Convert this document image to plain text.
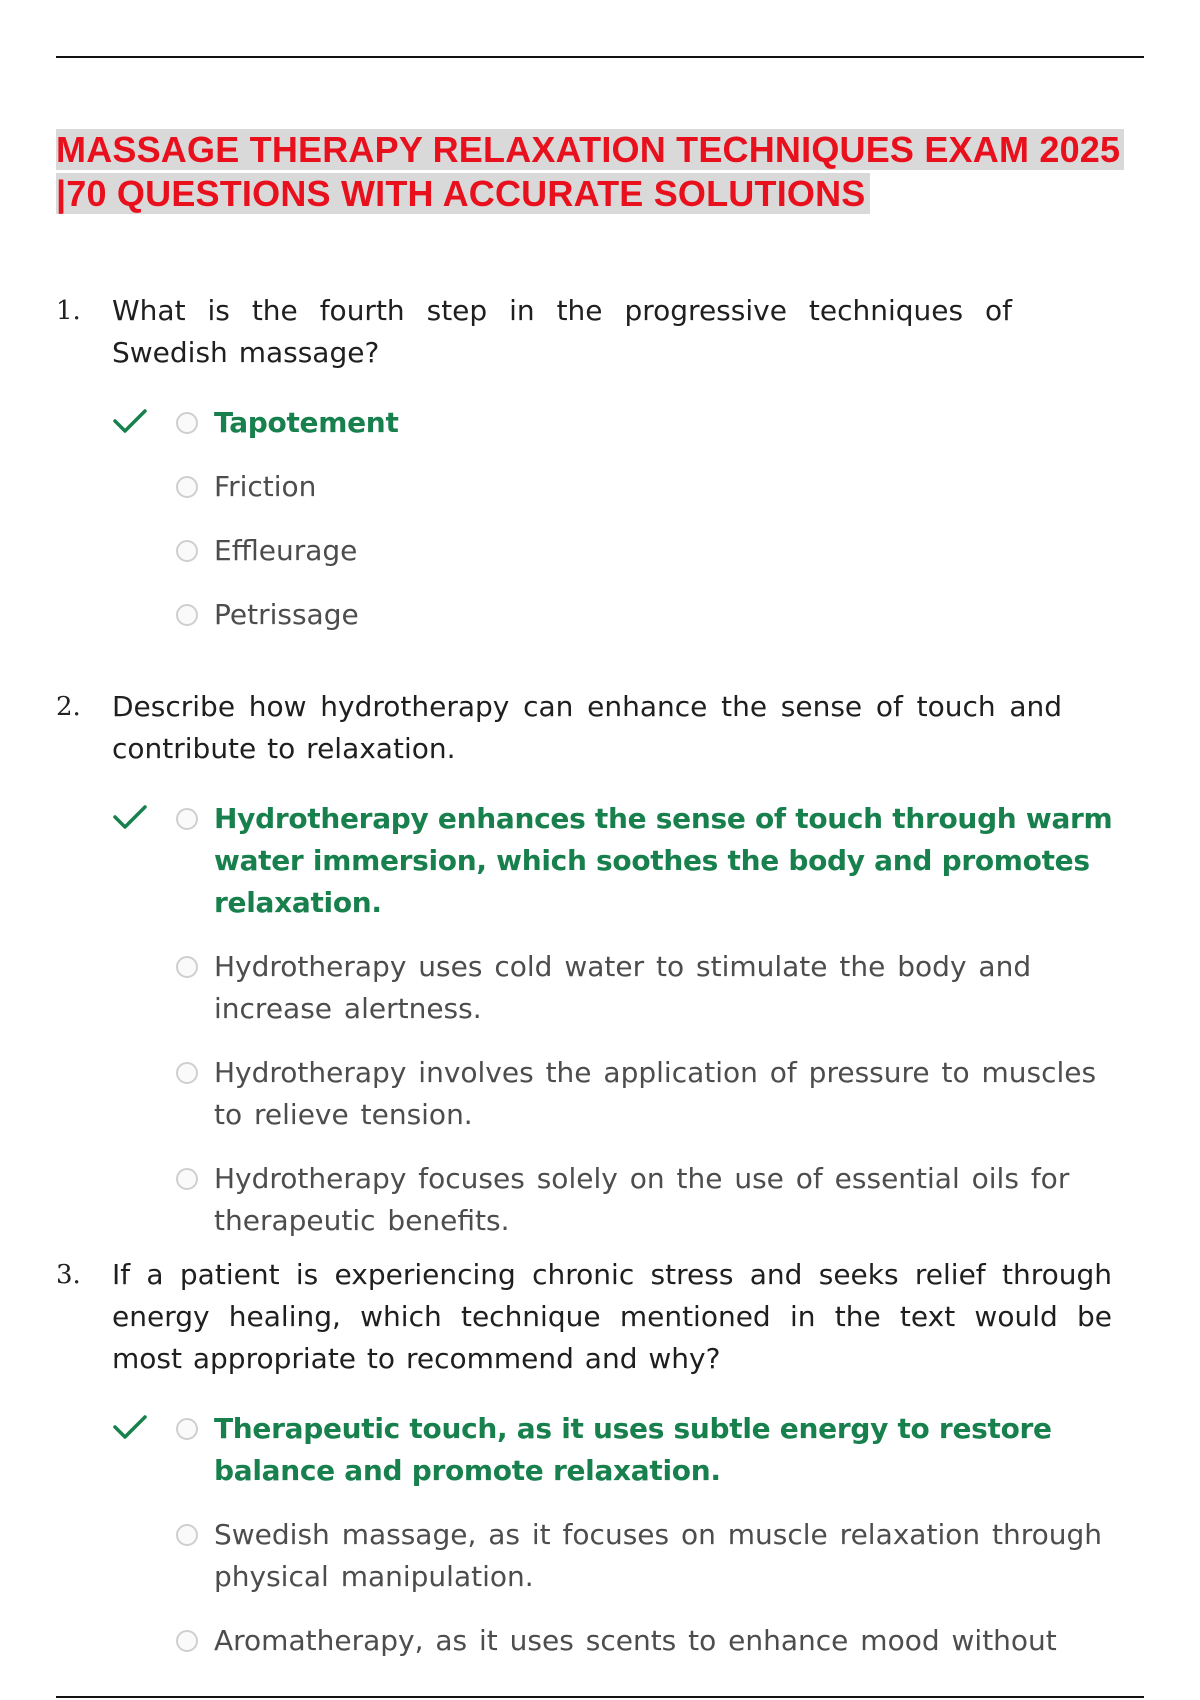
MASSAGE THERAPY RELAXATION TECHNIQUES EXAM 2025
|70 QUESTIONS WITH ACCURATE SOLUTIONS
1. What is the fourth step in the progressive techniques of Swedish massage?
Tapotement
Friction
Effleurage
Petrissage
2. Describe how hydrotherapy can enhance the sense of touch and contribute to relaxation.
Hydrotherapy enhances the sense of touch through warm water immersion, which soothes the body and promotes relaxation.
Hydrotherapy uses cold water to stimulate the body and increase alertness.
Hydrotherapy involves the application of pressure to muscles to relieve tension.
Hydrotherapy focuses solely on the use of essential oils for therapeutic benefits.
3. If a patient is experiencing chronic stress and seeks relief through energy healing, which technique mentioned in the text would be most appropriate to recommend and why?
Therapeutic touch, as it uses subtle energy to restore balance and promote relaxation.
Swedish massage, as it focuses on muscle relaxation through physical manipulation.
Aromatherapy, as it uses scents to enhance mood without
